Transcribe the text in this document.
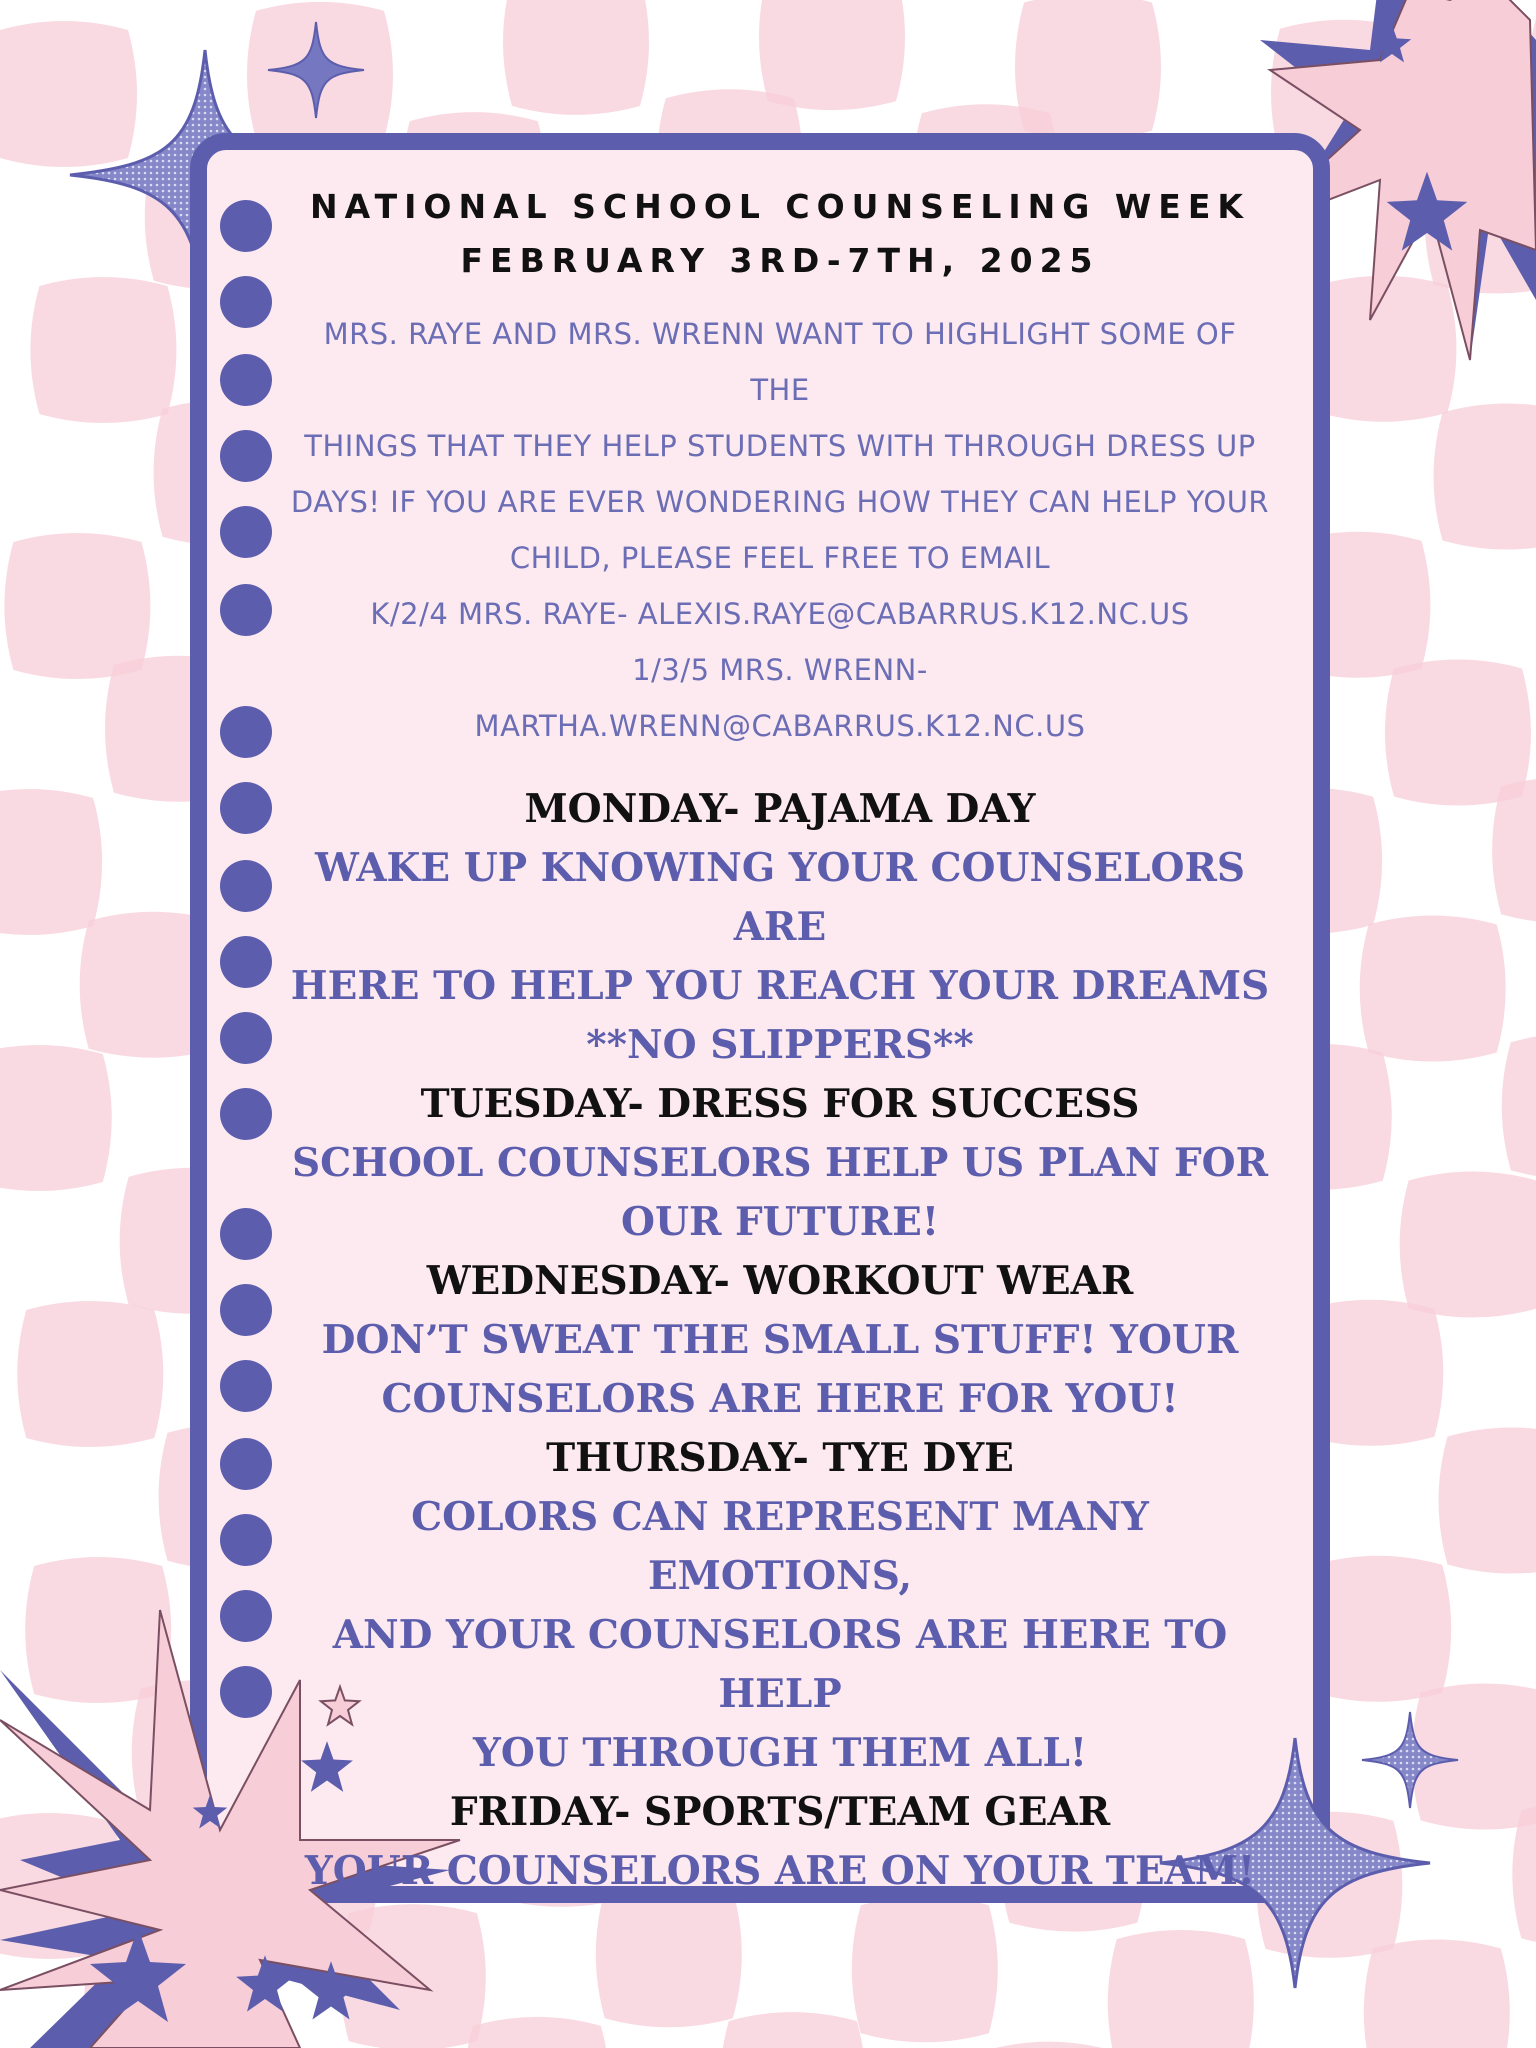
NATIONAL SCHOOL COUNSELING WEEK

FEBRUARY 3RD-7TH, 2025

MRS. RAYE AND MRS. WRENN WANT TO HIGHLIGHT SOME OF THE
THINGS THAT THEY HELP STUDENTS WITH THROUGH DRESS UP
DAYS! IF YOU ARE EVER WONDERING HOW THEY CAN HELP YOUR
CHILD, PLEASE FEEL FREE TO EMAIL
K/2/4 MRS. RAYE- ALEXIS.RAYE@CABARRUS.K12.NC.US
1/3/5 MRS. WRENN-
MARTHA.WRENN@CABARRUS.K12.NC.US

MONDAY- PAJAMA DAY

WAKE UP KNOWING YOUR COUNSELORS ARE

HERE TO HELP YOU REACH YOUR DREAMS

**NO SLIPPERS**

TUESDAY- DRESS FOR SUCCESS

SCHOOL COUNSELORS HELP US PLAN FOR

OUR FUTURE!

WEDNESDAY- WORKOUT WEAR

DON’T SWEAT THE SMALL STUFF! YOUR

COUNSELORS ARE HERE FOR YOU!

THURSDAY- TYE DYE

COLORS CAN REPRESENT MANY EMOTIONS,

AND YOUR COUNSELORS ARE HERE TO HELP

YOU THROUGH THEM ALL!

FRIDAY- SPORTS/TEAM GEAR

YOUR COUNSELORS ARE ON YOUR TEAM!
